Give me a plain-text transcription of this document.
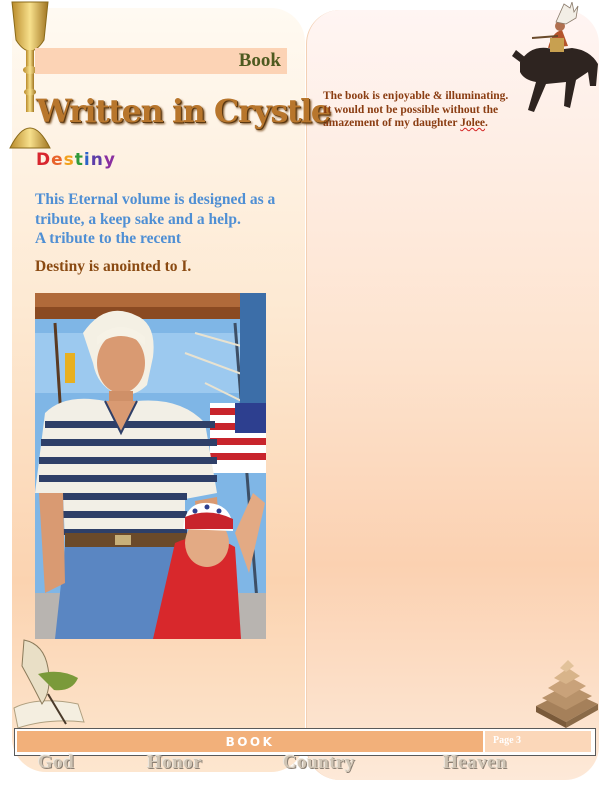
Book
Written in Crystle
Destiny
This Eternal volume is designed as a
tribute, a keep sake and a help.
A tribute to the recent
Destiny is anointed to I.
The book is enjoyable & illuminating.
It would not be possible without the
amazement of my daughter Jolee.
BOOK	Page 3
God	Honor	Country	Heaven
